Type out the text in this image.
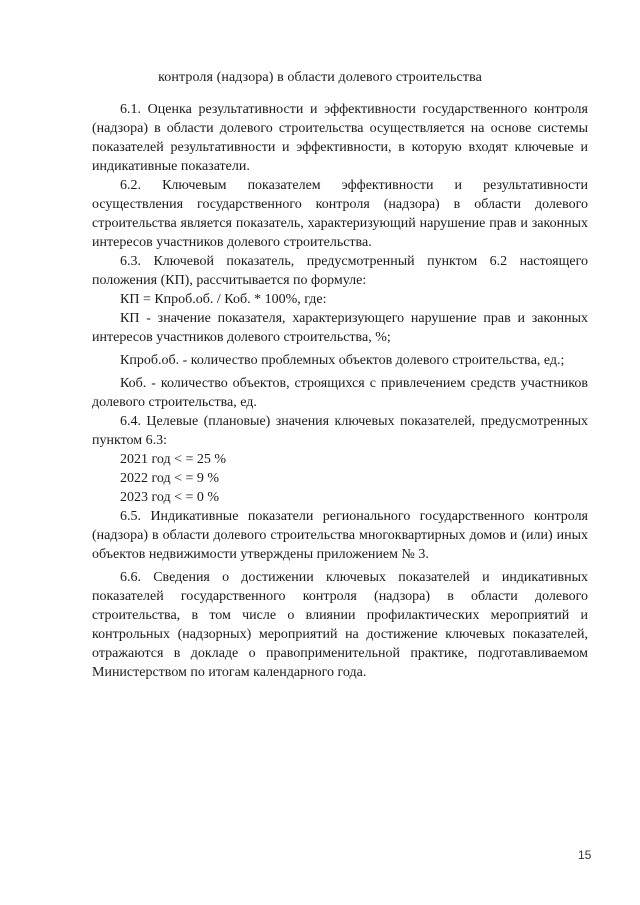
контроля (надзора) в области долевого строительства

6.1. Оценка результативности и эффективности государственного контроля (надзора) в области долевого строительства осуществляется на основе системы показателей результативности и эффективности, в которую входят ключевые и индикативные показатели.

6.2. Ключевым показателем эффективности и результативности осуществления государственного контроля (надзора) в области долевого строительства является показатель, характеризующий нарушение прав и законных интересов участников долевого строительства.

6.3. Ключевой показатель, предусмотренный пунктом 6.2 настоящего положения (КП), рассчитывается по формуле:

КП = Кпроб.об. / Коб. * 100%, где:

КП - значение показателя, характеризующего нарушение прав и законных интересов участников долевого строительства, %;

Кпроб.об. - количество проблемных объектов долевого строительства, ед.;

Коб. - количество объектов, строящихся с привлечением средств участников долевого строительства, ед.

6.4. Целевые (плановые) значения ключевых показателей, предусмотренных пунктом 6.3:

2021 год < = 25 %

2022 год < = 9 %

2023 год < = 0 %

6.5. Индикативные показатели регионального государственного контроля (надзора) в области долевого строительства многоквартирных домов и (или) иных объектов недвижимости утверждены приложением № 3.

6.6. Сведения о достижении ключевых показателей и индикативных показателей государственного контроля (надзора) в области долевого строительства, в том числе о влиянии профилактических мероприятий и контрольных (надзорных) мероприятий на достижение ключевых показателей, отражаются в докладе о правоприменительной практике, подготавливаемом Министерством по итогам календарного года.

15
